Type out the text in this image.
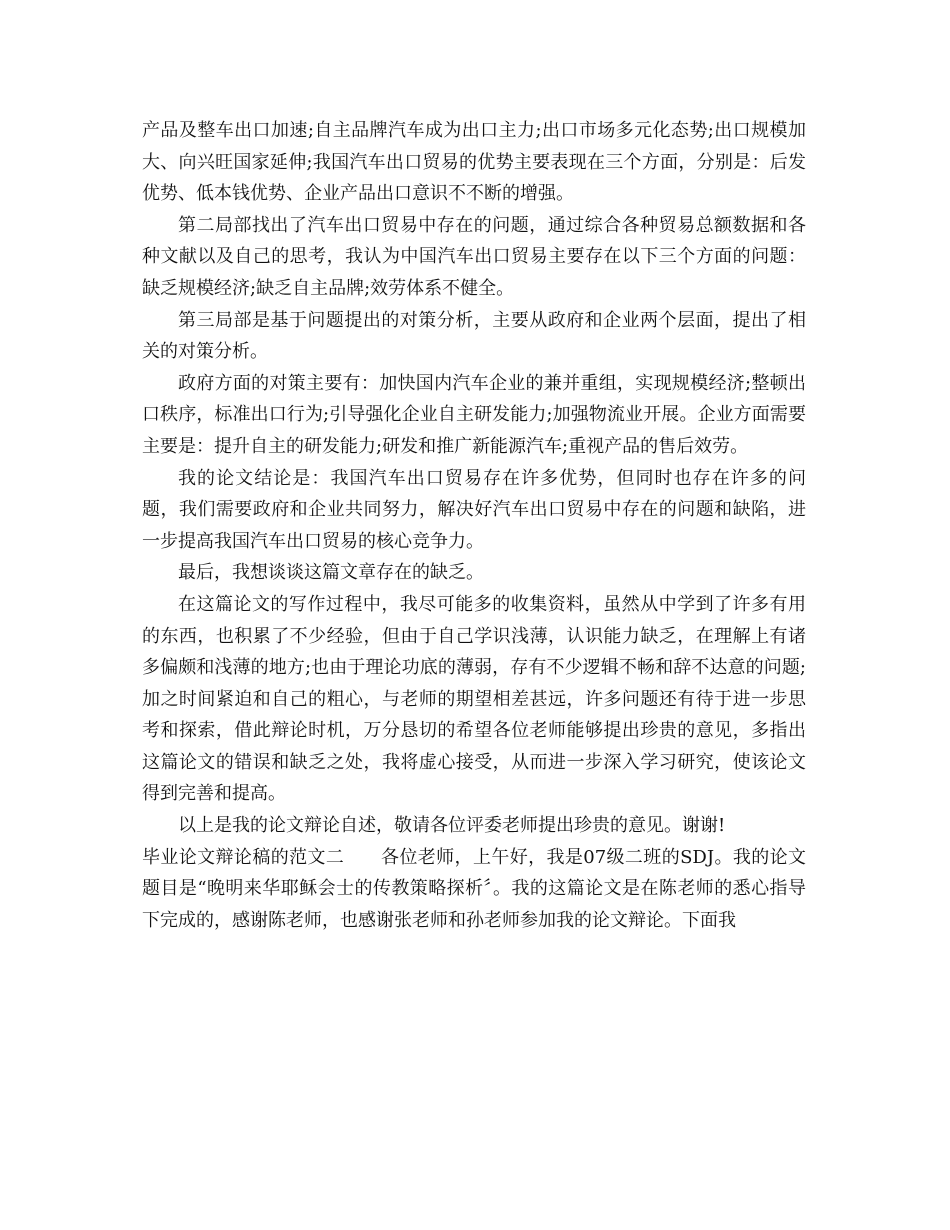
产品及整车出口加速;自主品牌汽车成为出口主力;出口市场多元化态势;出口规模加大、向兴旺国家延伸;我国汽车出口贸易的优势主要表现在三个方面，分别是：后发优势、低本钱优势、企业产品出口意识不不断的增强。

第二局部找出了汽车出口贸易中存在的问题，通过综合各种贸易总额数据和各种文献以及自己的思考，我认为中国汽车出口贸易主要存在以下三个方面的问题： 缺乏规模经济;缺乏自主品牌;效劳体系不健全。

第三局部是基于问题提出的对策分析，主要从政府和企业两个层面，提出了相关的对策分析。

政府方面的对策主要有：加快国内汽车企业的兼并重组，实现规模经济;整顿出口秩序，标准出口行为;引导强化企业自主研发能力;加强物流业开展。企业方面需要主要是：提升自主的研发能力;研发和推广新能源汽车;重视产品的售后效劳。

我的论文结论是：我国汽车出口贸易存在许多优势，但同时也存在许多的问题，我们需要政府和企业共同努力，解决好汽车出口贸易中存在的问题和缺陷，进一步提高我国汽车出口贸易的核心竞争力。

最后，我想谈谈这篇文章存在的缺乏。

在这篇论文的写作过程中，我尽可能多的收集资料，虽然从中学到了许多有用的东西，也积累了不少经验，但由于自己学识浅薄，认识能力缺乏，在理解上有诸多偏颇和浅薄的地方;也由于理论功底的薄弱，存有不少逻辑不畅和辞不达意的问题;加之时间紧迫和自己的粗心，与老师的期望相差甚远，许多问题还有待于进一步思考和探索，借此辩论时机，万分恳切的希望各位老师能够提出珍贵的意见，多指出这篇论文的错误和缺乏之处，我将虚心接受，从而进一步深入学习研究，使该论文得到完善和提高。

以上是我的论文辩论自述，敬请各位评委老师提出珍贵的意见。谢谢!

毕业论文辩论稿的范文二　　各位老师，上午好，我是07级二班的SDJ。我的论文题目是“晚明来华耶稣会士的传教策略探析〞。我的这篇论文是在陈老师的悉心指导下完成的，感谢陈老师，也感谢张老师和孙老师参加我的论文辩论。下面我
